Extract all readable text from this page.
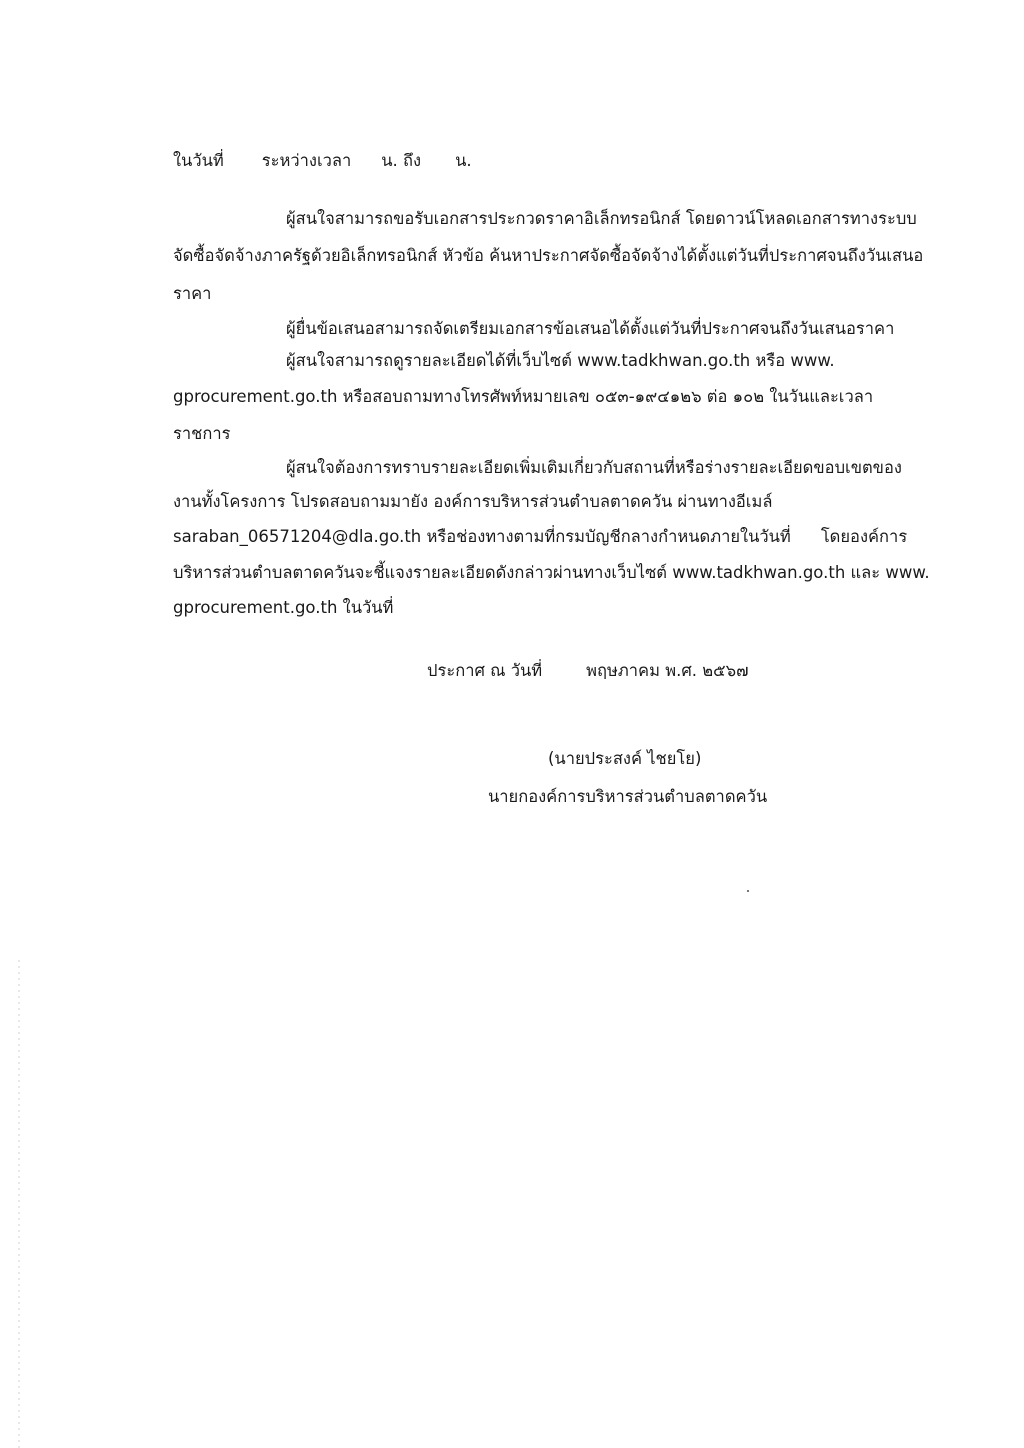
ในวันที่ ระหว่างเวลา น. ถึง น.
ผู้สนใจสามารถขอรับเอกสารประกวดราคาอิเล็กทรอนิกส์ โดยดาวน์โหลดเอกสารทางระบบ
จัดซื้อจัดจ้างภาครัฐด้วยอิเล็กทรอนิกส์ หัวข้อ ค้นหาประกาศจัดซื้อจัดจ้างได้ตั้งแต่วันที่ประกาศจนถึงวันเสนอ
ราคา
ผู้ยื่นข้อเสนอสามารถจัดเตรียมเอกสารข้อเสนอได้ตั้งแต่วันที่ประกาศจนถึงวันเสนอราคา
ผู้สนใจสามารถดูรายละเอียดได้ที่เว็บไซต์ www.tadkhwan.go.th หรือ www.
gprocurement.go.th หรือสอบถามทางโทรศัพท์หมายเลข ๐๕๓-๑๙๔๑๒๖ ต่อ ๑๐๒ ในวันและเวลา
ราชการ
ผู้สนใจต้องการทราบรายละเอียดเพิ่มเติมเกี่ยวกับสถานที่หรือร่างรายละเอียดขอบเขตของ
งานทั้งโครงการ โปรดสอบถามมายัง องค์การบริหารส่วนตำบลตาดควัน ผ่านทางอีเมล์
saraban_06571204@dla.go.th หรือช่องทางตามที่กรมบัญชีกลางกำหนดภายในวันที่ โดยองค์การ
บริหารส่วนตำบลตาดควันจะชี้แจงรายละเอียดดังกล่าวผ่านทางเว็บไซต์ www.tadkhwan.go.th และ www.
gprocurement.go.th ในวันที่
ประกาศ ณ วันที่	พฤษภาคม พ.ศ. ๒๕๖๗
(นายประสงค์ ไชยโย)
นายกองค์การบริหารส่วนตำบลตาดควัน
